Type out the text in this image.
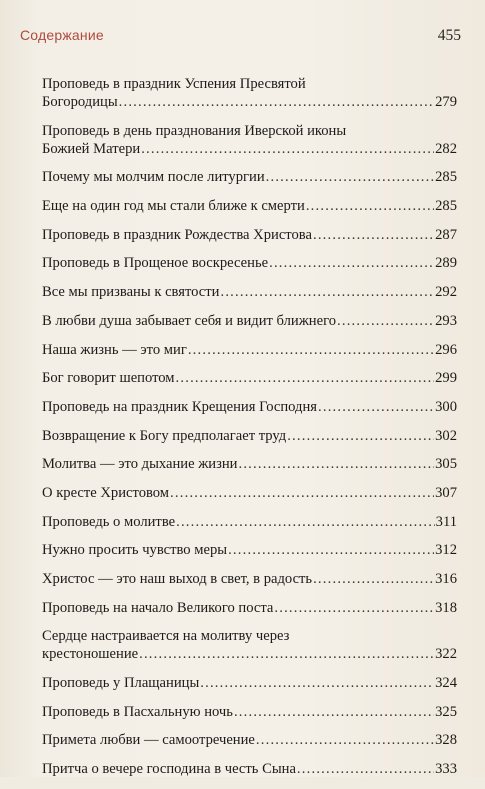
Содержание	455
Проповедь в праздник Успения Пресвятой
Богородицы .....	279
Проповедь в день празднования Иверской иконы
Божией Матери .....	282
Почему мы молчим после литургии .....	285
Еще на один год мы стали ближе к смерти .....	285
Проповедь в праздник Рождества Христова .....	287
Проповедь в Прощеное воскресенье .....	289
Все мы призваны к святости .....	292
В любви душа забывает себя и видит ближнего .....	293
Наша жизнь — это миг .....	296
Бог говорит шепотом .....	299
Проповедь на праздник Крещения Господня .....	300
Возвращение к Богу предполагает труд .....	302
Молитва — это дыхание жизни .....	305
О кресте Христовом .....	307
Проповедь о молитве .....	311
Нужно просить чувство меры .....	312
Христос — это наш выход в свет, в радость .....	316
Проповедь на начало Великого поста .....	318
Сердце настраивается на молитву через
крестоношение .....	322
Проповедь у Плащаницы .....	324
Проповедь в Пасхальную ночь .....	325
Примета любви — самоотречение .....	328
Притча о вечере господина в честь Сына .....	333
